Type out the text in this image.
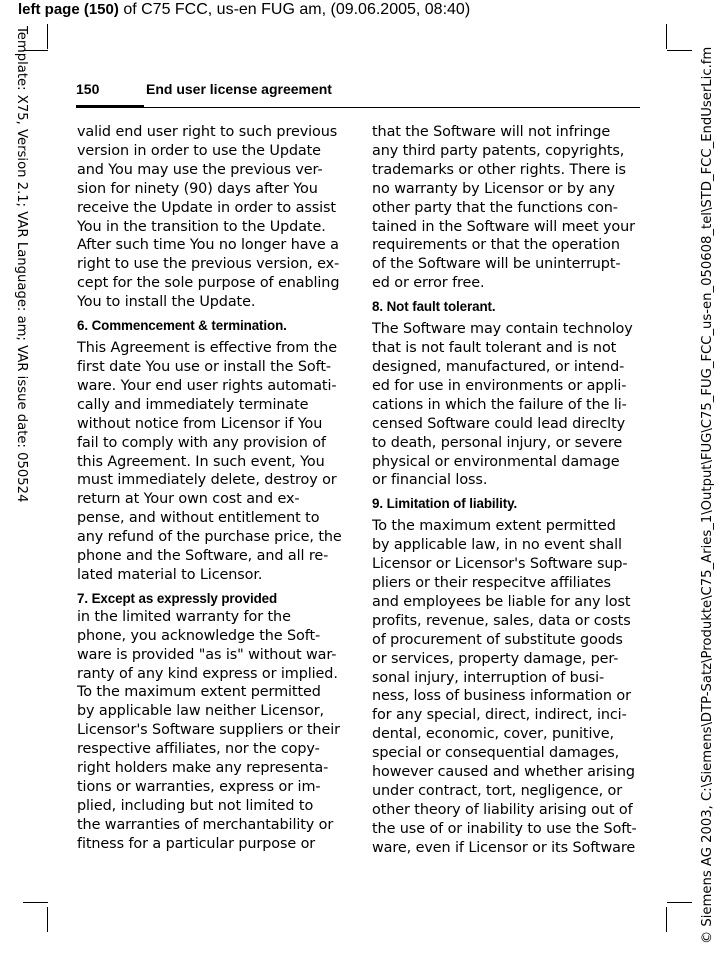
left page (150) of C75 FCC, us-en FUG am, (09.06.2005, 08:40)
Template: X75, Version 2.1; VAR Language: am; VAR issue date: 050524	© Siemens AG 2003, C:\Siemens\DTP-Satz\Produkte\C75_Aries_1\Output\FUG\C75_FUG_FCC_us-en_050608_tel\STD_FCC_EndUserLic.fm
150	End user license agreement

valid end user right to such previous
version in order to use the Update
and You may use the previous ver-
sion for ninety (90) days after You
receive the Update in order to assist
You in the transition to the Update.
After such time You no longer have a
right to use the previous version, ex-
cept for the sole purpose of enabling
You to install the Update.

6. Commencement & termination.

This Agreement is effective from the
first date You use or install the Soft-
ware. Your end user rights automati-
cally and immediately terminate
without notice from Licensor if You
fail to comply with any provision of
this Agreement. In such event, You
must immediately delete, destroy or
return at Your own cost and ex-
pense, and without entitlement to
any refund of the purchase price, the
phone and the Software, and all re-
lated material to Licensor.

7. Except as expressly provided

in the limited warranty for the
phone, you acknowledge the Soft-
ware is provided "as is" without war-
ranty of any kind express or implied.
To the maximum extent permitted
by applicable law neither Licensor,
Licensor's Software suppliers or their
respective affiliates, nor the copy-
right holders make any representa-
tions or warranties, express or im-
plied, including but not limited to
the warranties of merchantability or
fitness for a particular purpose or

that the Software will not infringe
any third party patents, copyrights,
trademarks or other rights. There is
no warranty by Licensor or by any
other party that the functions con-
tained in the Software will meet your
requirements or that the operation
of the Software will be uninterrupt-
ed or error free.

8. Not fault tolerant.

The Software may contain technoloy
that is not fault tolerant and is not
designed, manufactured, or intend-
ed for use in environments or appli-
cations in which the failure of the li-
censed Software could lead direclty
to death, personal injury, or severe
physical or environmental damage
or financial loss.

9. Limitation of liability.

To the maximum extent permitted
by applicable law, in no event shall
Licensor or Licensor's Software sup-
pliers or their respecitve affiliates
and employees be liable for any lost
profits, revenue, sales, data or costs
of procurement of substitute goods
or services, property damage, per-
sonal injury, interruption of busi-
ness, loss of business information or
for any special, direct, indirect, inci-
dental, economic, cover, punitive,
special or consequential damages,
however caused and whether arising
under contract, tort, negligence, or
other theory of liability arising out of
the use of or inability to use the Soft-
ware, even if Licensor or its Software
